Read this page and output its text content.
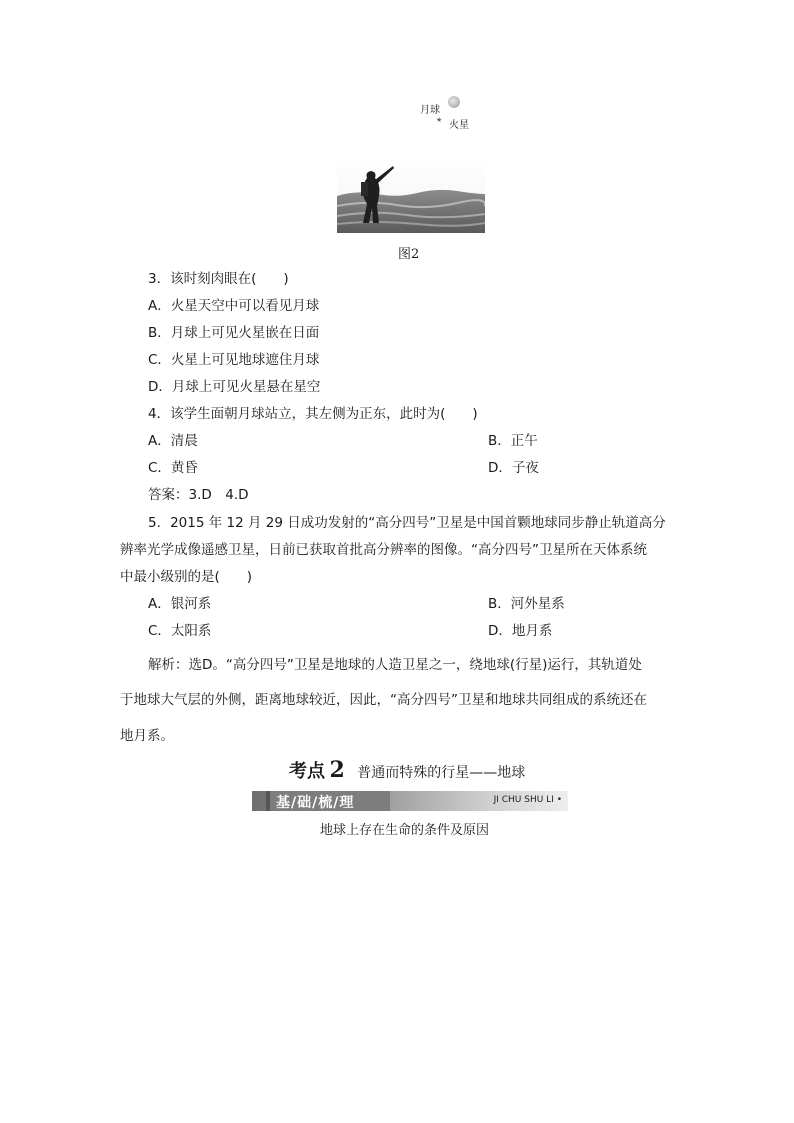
月球
★ 火星
图2
3．该时刻肉眼在(　　)
A．火星天空中可以看见月球
B．月球上可见火星嵌在日面
C．火星上可见地球遮住月球
D．月球上可见火星悬在星空
4．该学生面朝月球站立，其左侧为正东，此时为(　　)
A．清晨	B．正午
C．黄昏	D．子夜
答案：3.D　4.D
5．2015 年 12 月 29 日成功发射的“高分四号”卫星是中国首颗地球同步静止轨道高分
辨率光学成像遥感卫星，日前已获取首批高分辨率的图像。“高分四号”卫星所在天体系统
中最小级别的是(　　)
A．银河系	B．河外星系
C．太阳系	D．地月系
解析：选D。“高分四号”卫星是地球的人造卫星之一，绕地球(行星)运行，其轨道处
于地球大气层的外侧，距离地球较近，因此，“高分四号”卫星和地球共同组成的系统还在
地月系。
考点 2 普通而特殊的行星——地球
基/础/梳/理	JI CHU SHU LI •
地球上存在生命的条件及原因
